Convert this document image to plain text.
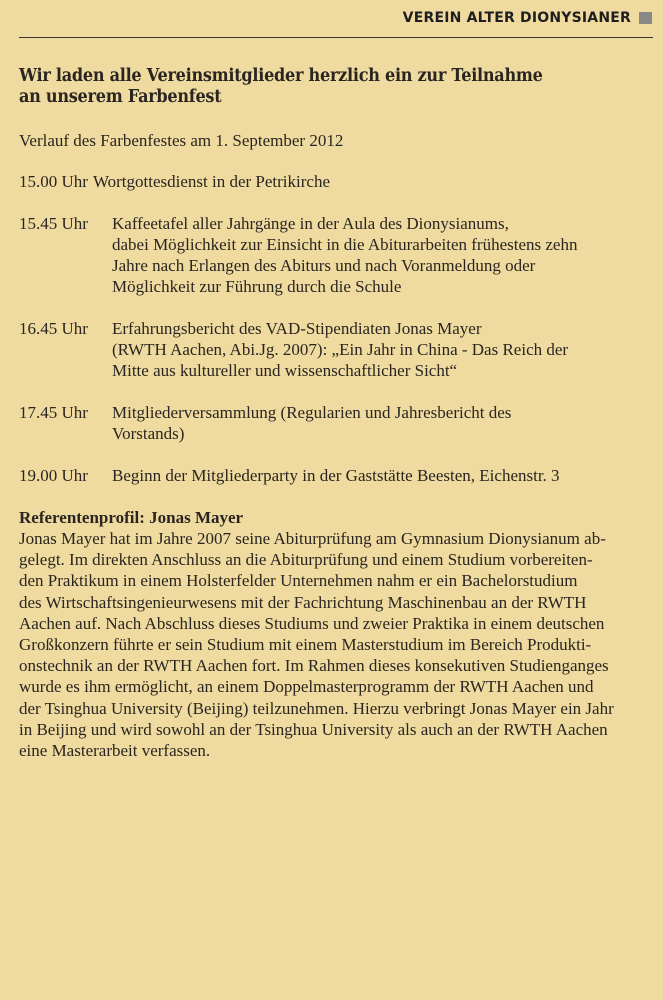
VEREIN ALTER DIONYSIANER
Wir laden alle Vereinsmitglieder herzlich ein zur Teilnahme
an unserem Farbenfest
Verlauf des Farbenfestes am 1. September 2012
15.00 Uhr Wortgottesdienst in der Petrikirche
15.45 Uhr	Kaffeetafel aller Jahrgänge in der Aula des Dionysianums,
dabei Möglichkeit zur Einsicht in die Abiturarbeiten frühestens zehn
Jahre nach Erlangen des Abiturs und nach Voranmeldung oder
Möglichkeit zur Führung durch die Schule
16.45 Uhr	Erfahrungsbericht des VAD-Stipendiaten Jonas Mayer
(RWTH Aachen, Abi.Jg. 2007): „Ein Jahr in China - Das Reich der
Mitte aus kultureller und wissenschaftlicher Sicht“
17.45 Uhr	Mitgliederversammlung (Regularien und Jahresbericht des
Vorstands)
19.00 Uhr	Beginn der Mitgliederparty in der Gaststätte Beesten, Eichenstr. 3
Referentenprofil: Jonas Mayer
Jonas Mayer hat im Jahre 2007 seine Abiturprüfung am Gymnasium Dionysianum ab-
gelegt. Im direkten Anschluss an die Abiturprüfung und einem Studium vorbereiten-
den Praktikum in einem Holsterfelder Unternehmen nahm er ein Bachelorstudium
des Wirtschaftsingenieurwesens mit der Fachrichtung Maschinenbau an der RWTH
Aachen auf. Nach Abschluss dieses Studiums und zweier Praktika in einem deutschen
Großkonzern führte er sein Studium mit einem Masterstudium im Bereich Produkti-
onstechnik an der RWTH Aachen fort. Im Rahmen dieses konsekutiven Studienganges
wurde es ihm ermöglicht, an einem Doppelmasterprogramm der RWTH Aachen und
der Tsinghua University (Beijing) teilzunehmen. Hierzu verbringt Jonas Mayer ein Jahr
in Beijing und wird sowohl an der Tsinghua University als auch an der RWTH Aachen
eine Masterarbeit verfassen.
